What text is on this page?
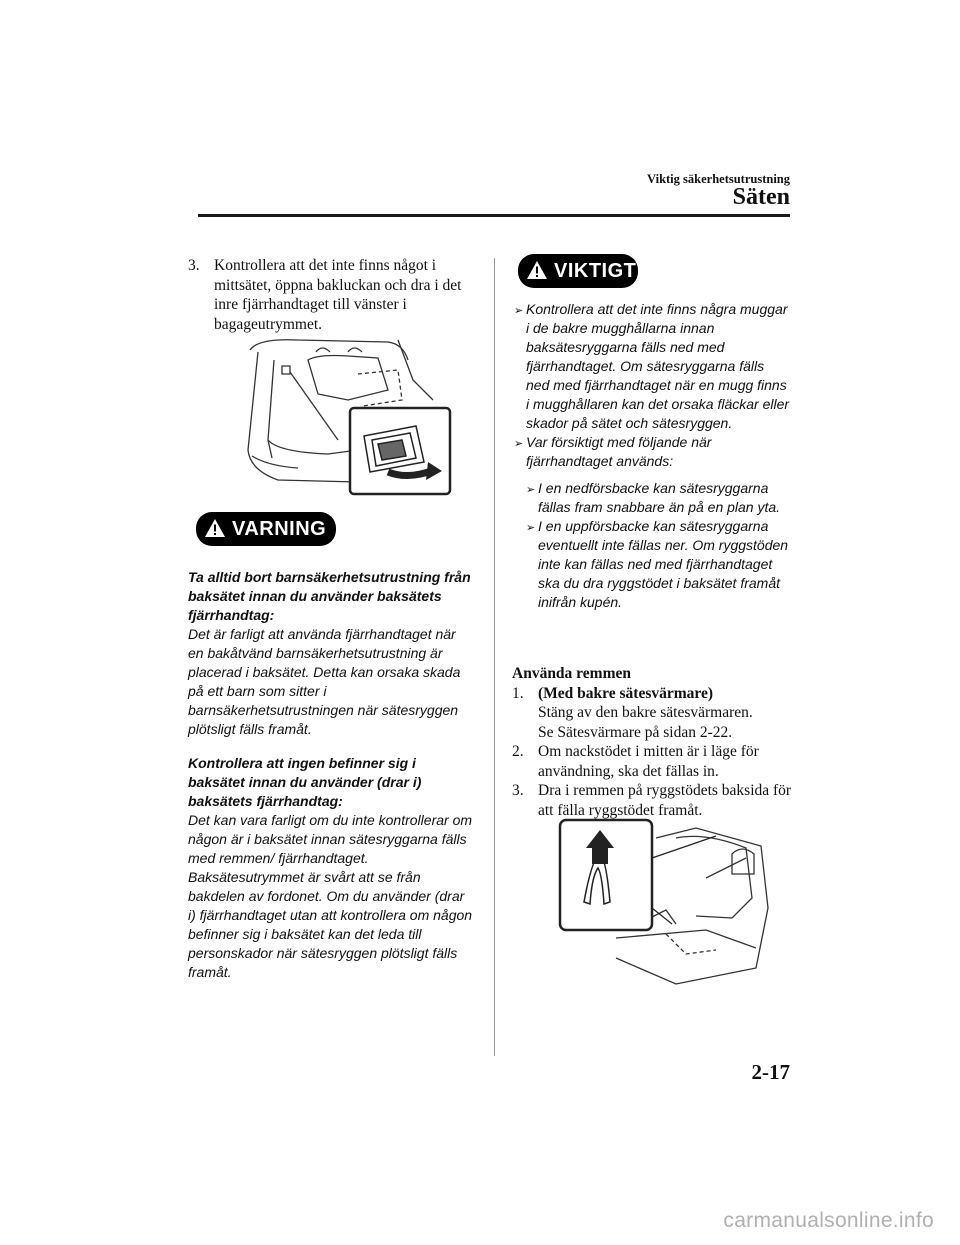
Viktig säkerhetsutrustning
Säten
3. Kontrollera att det inte finns något i mittsätet, öppna bakluckan och dra i det inre fjärrhandtaget till vänster i bagageutrymmet.
VARNING
Ta alltid bort barnsäkerhetsutrustning från baksätet innan du använder baksätets fjärrhandtag:
Det är farligt att använda fjärrhandtaget när en bakåtvänd barnsäkerhetsutrustning är placerad i baksätet. Detta kan orsaka skada på ett barn som sitter i barnsäkerhetsutrustningen när sätesryggen plötsligt fälls framåt.
Kontrollera att ingen befinner sig i baksätet innan du använder (drar i) baksätets fjärrhandtag:
Det kan vara farligt om du inte kontrollerar om någon är i baksätet innan sätesryggarna fälls med remmen/ fjärrhandtaget. Baksätesutrymmet är svårt att se från bakdelen av fordonet. Om du använder (drar i) fjärrhandtaget utan att kontrollera om någon befinner sig i baksätet kan det leda till personskador när sätesryggen plötsligt fälls framåt.
VIKTIGT
➢ Kontrollera att det inte finns några muggar i de bakre mugghållarna innan baksätesryggarna fälls ned med fjärrhandtaget. Om sätesryggarna fälls ned med fjärrhandtaget när en mugg finns i mugghållaren kan det orsaka fläckar eller skador på sätet och sätesryggen.
➢ Var försiktigt med följande när fjärrhandtaget används:
➢ I en nedförsbacke kan sätesryggarna fällas fram snabbare än på en plan yta.
➢ I en uppförsbacke kan sätesryggarna eventuellt inte fällas ner. Om ryggstöden inte kan fällas ned med fjärrhandtaget ska du dra ryggstödet i baksätet framåt inifrån kupén.
Använda remmen
1. (Med bakre sätesvärmare)
Stäng av den bakre sätesvärmaren.
Se Sätesvärmare på sidan 2-22.
2. Om nackstödet i mitten är i läge för användning, ska det fällas in.
3. Dra i remmen på ryggstödets baksida för att fälla ryggstödet framåt.
2-17
carmanualsonline.info
